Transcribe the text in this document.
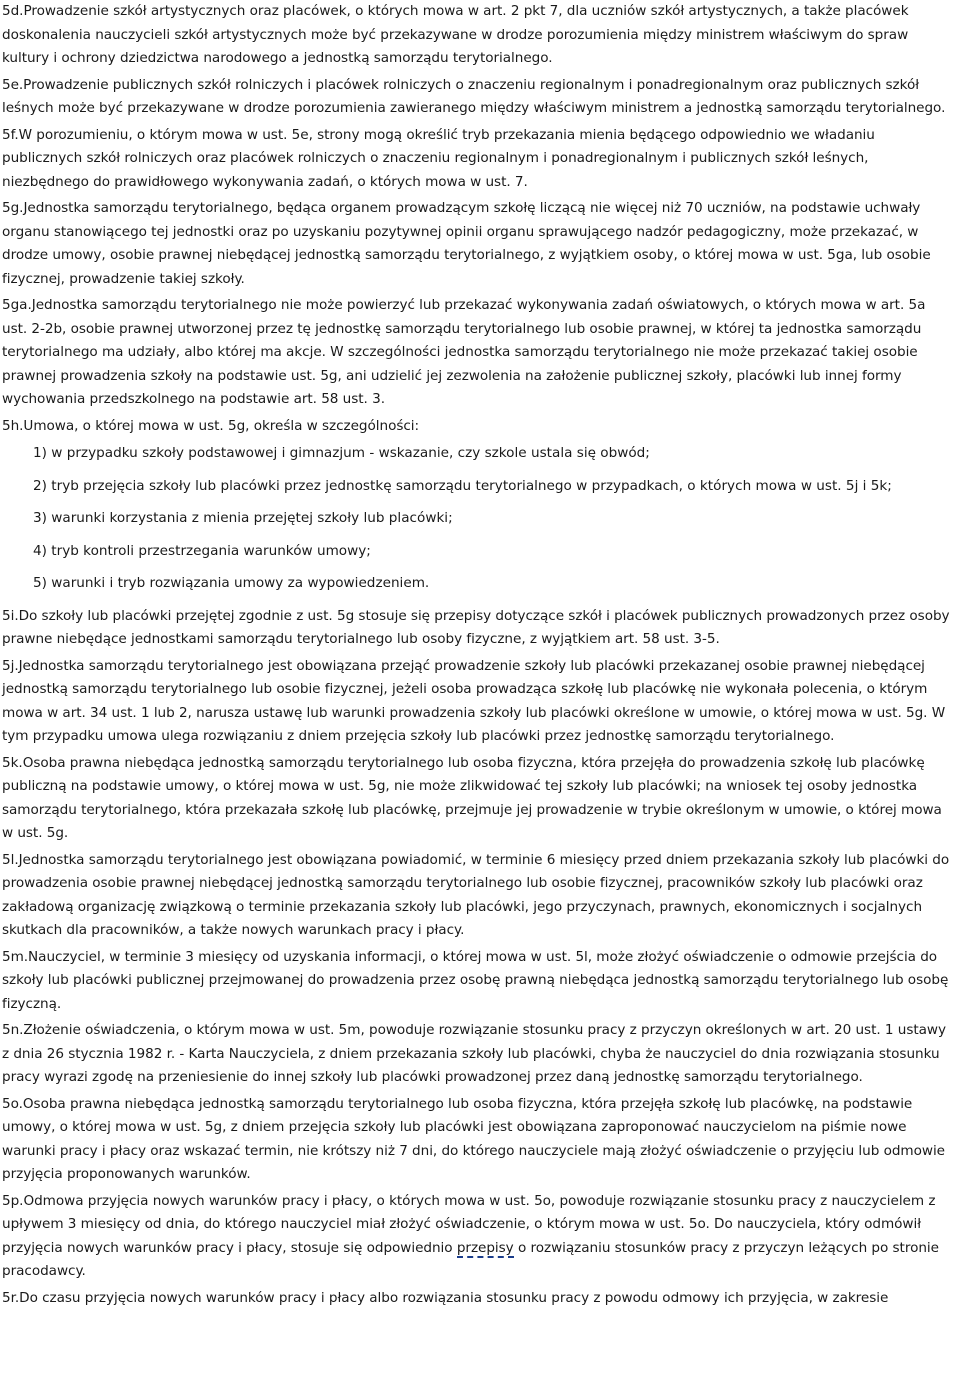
5d.Prowadzenie szkół artystycznych oraz placówek, o których mowa w art. 2 pkt 7, dla uczniów szkół artystycznych, a także placówek doskonalenia nauczycieli szkół artystycznych może być przekazywane w drodze porozumienia między ministrem właściwym do spraw kultury i ochrony dziedzictwa narodowego a jednostką samorządu terytorialnego.

5e.Prowadzenie publicznych szkół rolniczych i placówek rolniczych o znaczeniu regionalnym i ponadregionalnym oraz publicznych szkół leśnych może być przekazywane w drodze porozumienia zawieranego między właściwym ministrem a jednostką samorządu terytorialnego.

5f.W porozumieniu, o którym mowa w ust. 5e, strony mogą określić tryb przekazania mienia będącego odpowiednio we władaniu publicznych szkół rolniczych oraz placówek rolniczych o znaczeniu regionalnym i ponadregionalnym i publicznych szkół leśnych, niezbędnego do prawidłowego wykonywania zadań, o których mowa w ust. 7.

5g.Jednostka samorządu terytorialnego, będąca organem prowadzącym szkołę liczącą nie więcej niż 70 uczniów, na podstawie uchwały organu stanowiącego tej jednostki oraz po uzyskaniu pozytywnej opinii organu sprawującego nadzór pedagogiczny, może przekazać, w drodze umowy, osobie prawnej niebędącej jednostką samorządu terytorialnego, z wyjątkiem osoby, o której mowa w ust. 5ga, lub osobie fizycznej, prowadzenie takiej szkoły.

5ga.Jednostka samorządu terytorialnego nie może powierzyć lub przekazać wykonywania zadań oświatowych, o których mowa w art. 5a ust. 2-2b, osobie prawnej utworzonej przez tę jednostkę samorządu terytorialnego lub osobie prawnej, w której ta jednostka samorządu terytorialnego ma udziały, albo której ma akcje. W szczególności jednostka samorządu terytorialnego nie może przekazać takiej osobie prawnej prowadzenia szkoły na podstawie ust. 5g, ani udzielić jej zezwolenia na założenie publicznej szkoły, placówki lub innej formy wychowania przedszkolnego na podstawie art. 58 ust. 3.

5h.Umowa, o której mowa w ust. 5g, określa w szczególności:

1) w przypadku szkoły podstawowej i gimnazjum - wskazanie, czy szkole ustala się obwód;
2) tryb przejęcia szkoły lub placówki przez jednostkę samorządu terytorialnego w przypadkach, o których mowa w ust. 5j i 5k;
3) warunki korzystania z mienia przejętej szkoły lub placówki;
4) tryb kontroli przestrzegania warunków umowy;
5) warunki i tryb rozwiązania umowy za wypowiedzeniem.

5i.Do szkoły lub placówki przejętej zgodnie z ust. 5g stosuje się przepisy dotyczące szkół i placówek publicznych prowadzonych przez osoby prawne niebędące jednostkami samorządu terytorialnego lub osoby fizyczne, z wyjątkiem art. 58 ust. 3-5.

5j.Jednostka samorządu terytorialnego jest obowiązana przejąć prowadzenie szkoły lub placówki przekazanej osobie prawnej niebędącej jednostką samorządu terytorialnego lub osobie fizycznej, jeżeli osoba prowadząca szkołę lub placówkę nie wykonała polecenia, o którym mowa w art. 34 ust. 1 lub 2, narusza ustawę lub warunki prowadzenia szkoły lub placówki określone w umowie, o której mowa w ust. 5g. W tym przypadku umowa ulega rozwiązaniu z dniem przejęcia szkoły lub placówki przez jednostkę samorządu terytorialnego.

5k.Osoba prawna niebędąca jednostką samorządu terytorialnego lub osoba fizyczna, która przejęła do prowadzenia szkołę lub placówkę publiczną na podstawie umowy, o której mowa w ust. 5g, nie może zlikwidować tej szkoły lub placówki; na wniosek tej osoby jednostka samorządu terytorialnego, która przekazała szkołę lub placówkę, przejmuje jej prowadzenie w trybie określonym w umowie, o której mowa w ust. 5g.

5l.Jednostka samorządu terytorialnego jest obowiązana powiadomić, w terminie 6 miesięcy przed dniem przekazania szkoły lub placówki do prowadzenia osobie prawnej niebędącej jednostką samorządu terytorialnego lub osobie fizycznej, pracowników szkoły lub placówki oraz zakładową organizację związkową o terminie przekazania szkoły lub placówki, jego przyczynach, prawnych, ekonomicznych i socjalnych skutkach dla pracowników, a także nowych warunkach pracy i płacy.

5m.Nauczyciel, w terminie 3 miesięcy od uzyskania informacji, o której mowa w ust. 5l, może złożyć oświadczenie o odmowie przejścia do szkoły lub placówki publicznej przejmowanej do prowadzenia przez osobę prawną niebędąca jednostką samorządu terytorialnego lub osobę fizyczną.

5n.Złożenie oświadczenia, o którym mowa w ust. 5m, powoduje rozwiązanie stosunku pracy z przyczyn określonych w art. 20 ust. 1 ustawy z dnia 26 stycznia 1982 r. - Karta Nauczyciela, z dniem przekazania szkoły lub placówki, chyba że nauczyciel do dnia rozwiązania stosunku pracy wyrazi zgodę na przeniesienie do innej szkoły lub placówki prowadzonej przez daną jednostkę samorządu terytorialnego.

5o.Osoba prawna niebędąca jednostką samorządu terytorialnego lub osoba fizyczna, która przejęła szkołę lub placówkę, na podstawie umowy, o której mowa w ust. 5g, z dniem przejęcia szkoły lub placówki jest obowiązana zaproponować nauczycielom na piśmie nowe warunki pracy i płacy oraz wskazać termin, nie krótszy niż 7 dni, do którego nauczyciele mają złożyć oświadczenie o przyjęciu lub odmowie przyjęcia proponowanych warunków.

5p.Odmowa przyjęcia nowych warunków pracy i płacy, o których mowa w ust. 5o, powoduje rozwiązanie stosunku pracy z nauczycielem z upływem 3 miesięcy od dnia, do którego nauczyciel miał złożyć oświadczenie, o którym mowa w ust. 5o. Do nauczyciela, który odmówił przyjęcia nowych warunków pracy i płacy, stosuje się odpowiednio przepisy o rozwiązaniu stosunków pracy z przyczyn leżących po stronie pracodawcy.

5r.Do czasu przyjęcia nowych warunków pracy i płacy albo rozwiązania stosunku pracy z powodu odmowy ich przyjęcia, w zakresie
